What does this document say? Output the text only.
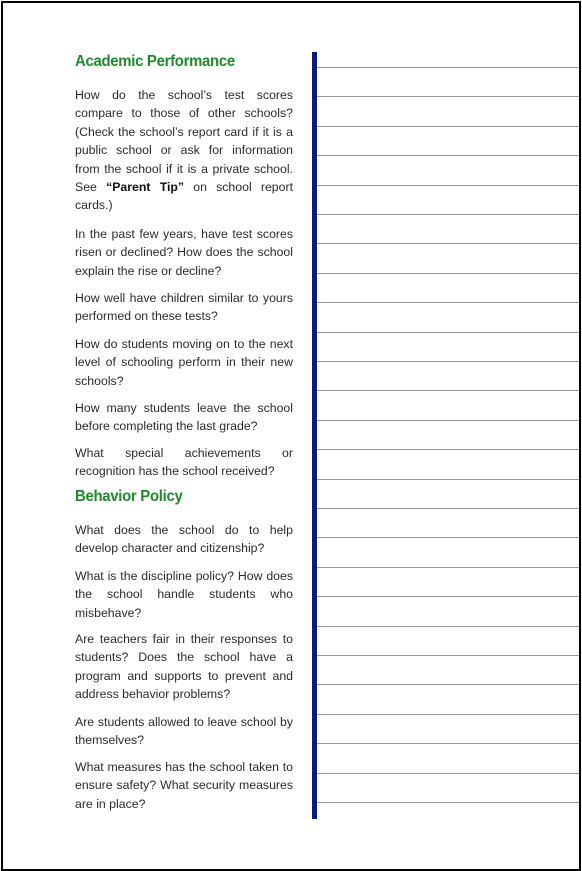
Academic Performance

How do the school’s test scores compare to those of other schools? (Check the school’s report card if it is a public school or ask for information from the school if it is a private school. See “Parent Tip” on school report cards.)

In the past few years, have test scores risen or declined? How does the school explain the rise or decline?

How well have children similar to yours performed on these tests?

How do students moving on to the next level of schooling perform in their new schools?

How many students leave the school before completing the last grade?

What special achievements or recognition has the school received?

Behavior Policy

What does the school do to help develop character and citizenship?

What is the discipline policy? How does the school handle students who misbehave?

Are teachers fair in their responses to students? Does the school have a program and supports to prevent and address behavior problems?

Are students allowed to leave school by themselves?

What measures has the school taken to ensure safety? What security measures are in place?
